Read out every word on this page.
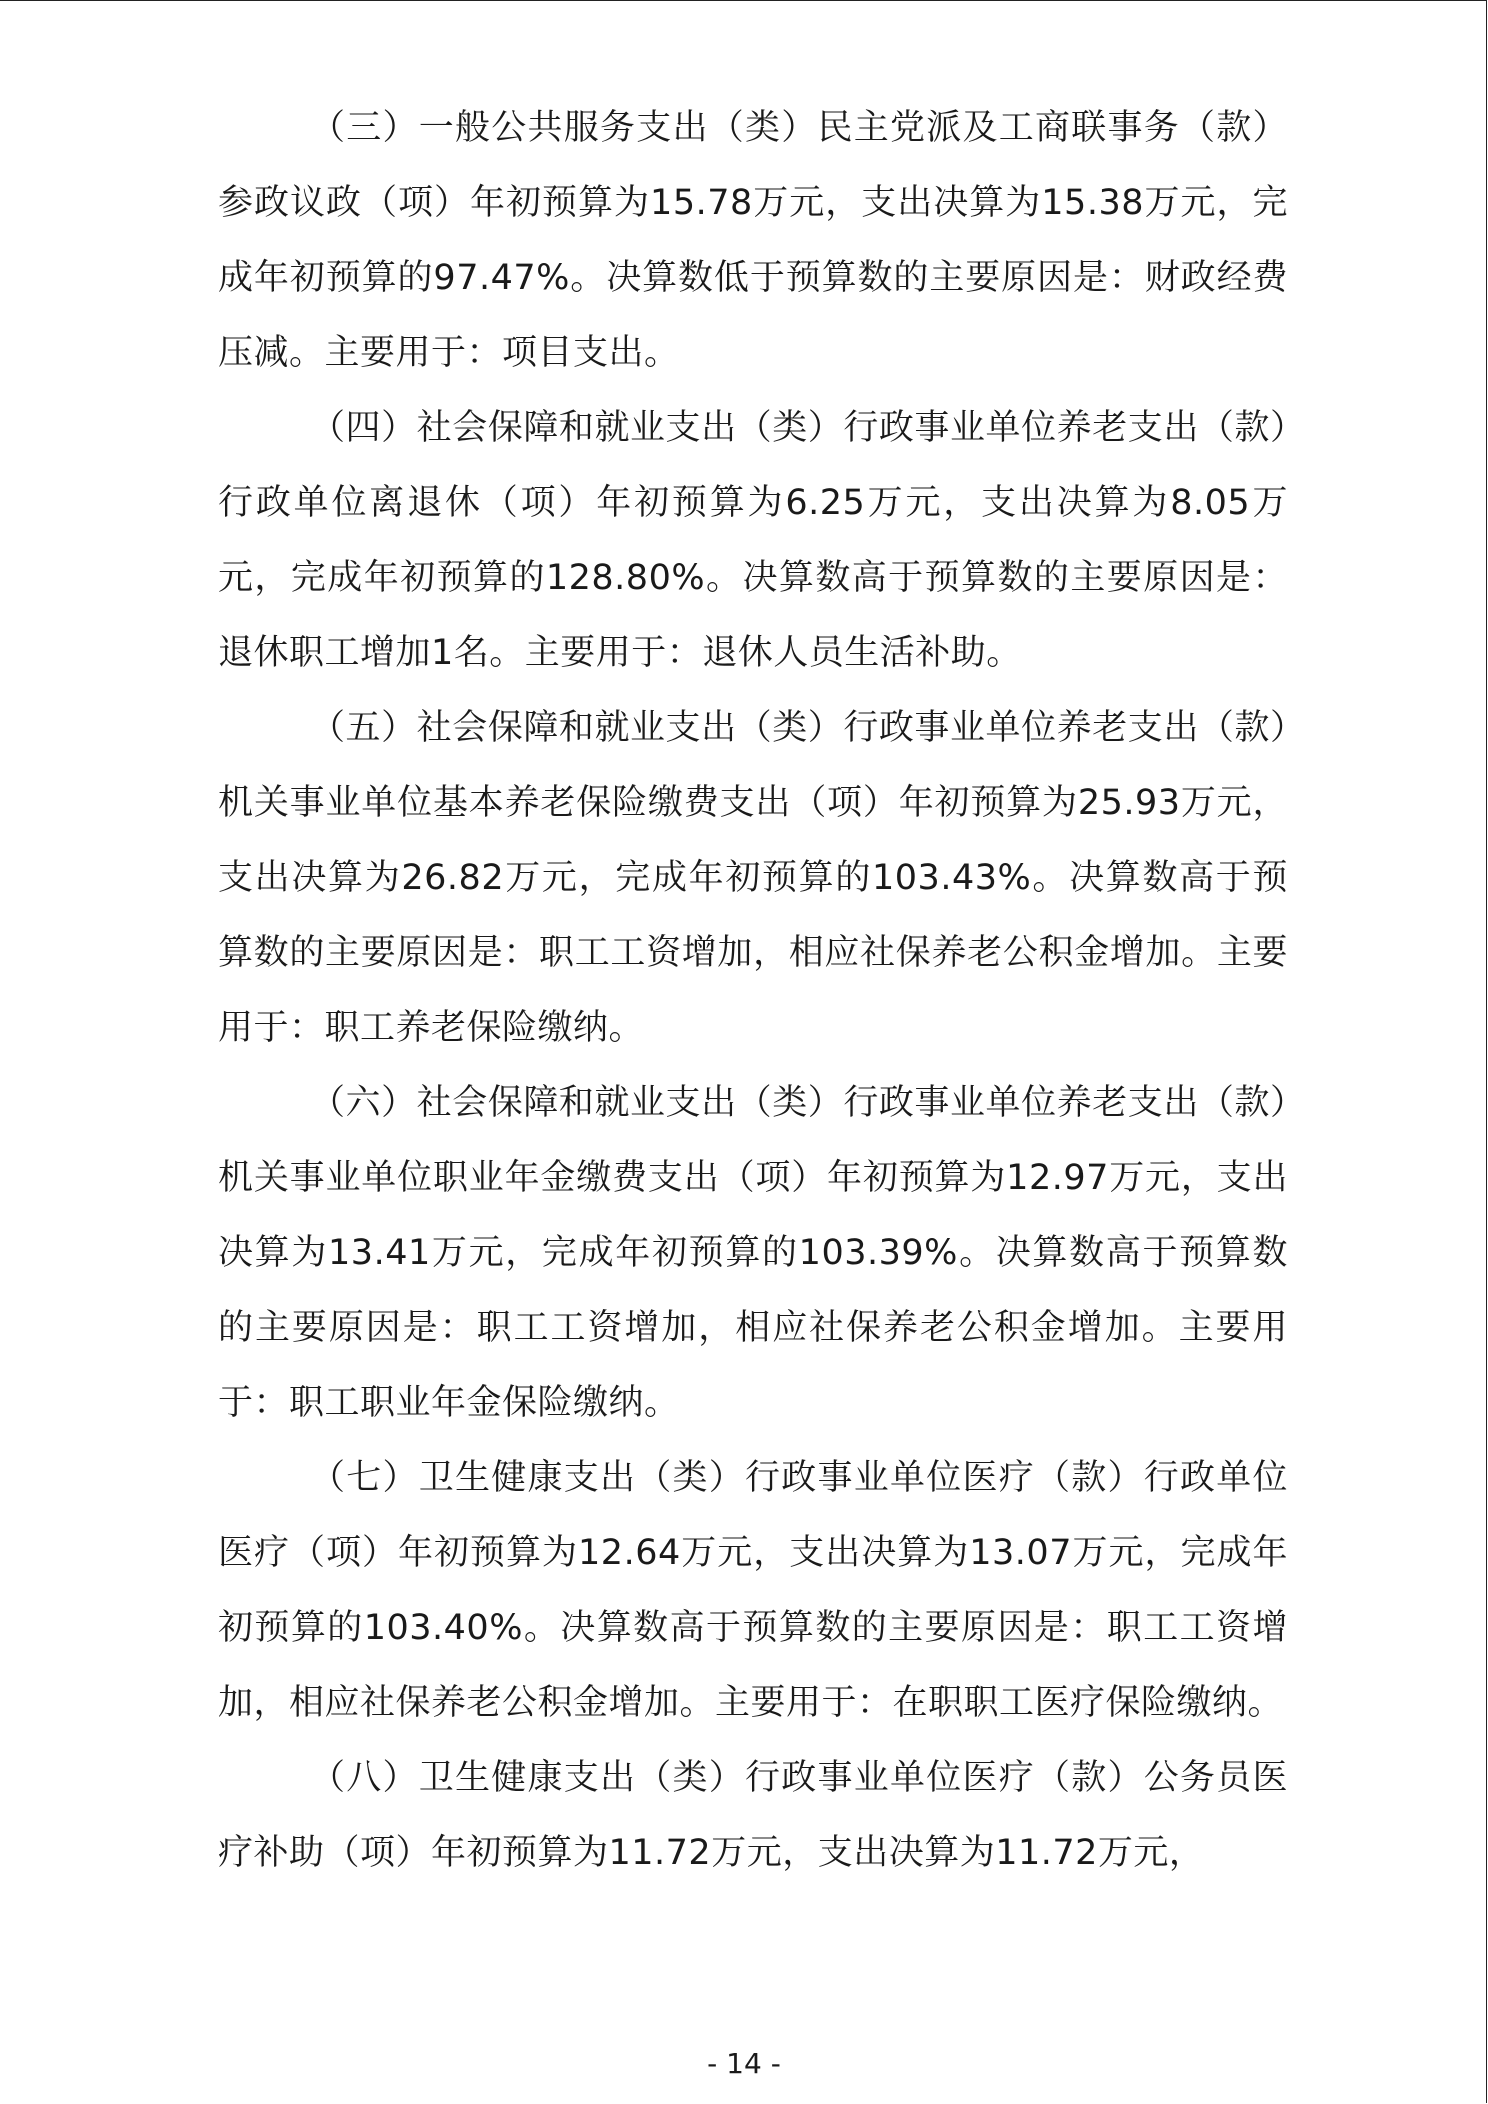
（三）一般公共服务支出（类）民主党派及工商联事务（款）参政议政（项）年初预算为15.78万元，支出决算为15.38万元，完成年初预算的97.47%。决算数低于预算数的主要原因是：财政经费压减。主要用于：项目支出。

（四）社会保障和就业支出（类）行政事业单位养老支出（款）行政单位离退休（项）年初预算为6.25万元，支出决算为8.05万元，完成年初预算的128.80%。决算数高于预算数的主要原因是：退休职工增加1名。主要用于：退休人员生活补助。

（五）社会保障和就业支出（类）行政事业单位养老支出（款）机关事业单位基本养老保险缴费支出（项）年初预算为25.93万元，支出决算为26.82万元，完成年初预算的103.43%。决算数高于预算数的主要原因是：职工工资增加，相应社保养老公积金增加。主要用于：职工养老保险缴纳。

（六）社会保障和就业支出（类）行政事业单位养老支出（款）机关事业单位职业年金缴费支出（项）年初预算为12.97万元，支出决算为13.41万元，完成年初预算的103.39%。决算数高于预算数的主要原因是：职工工资增加，相应社保养老公积金增加。主要用于：职工职业年金保险缴纳。

（七）卫生健康支出（类）行政事业单位医疗（款）行政单位医疗（项）年初预算为12.64万元，支出决算为13.07万元，完成年初预算的103.40%。决算数高于预算数的主要原因是：职工工资增加，相应社保养老公积金增加。主要用于：在职职工医疗保险缴纳。

（八）卫生健康支出（类）行政事业单位医疗（款）公务员医疗补助（项）年初预算为11.72万元，支出决算为11.72万元，

- 14 -
